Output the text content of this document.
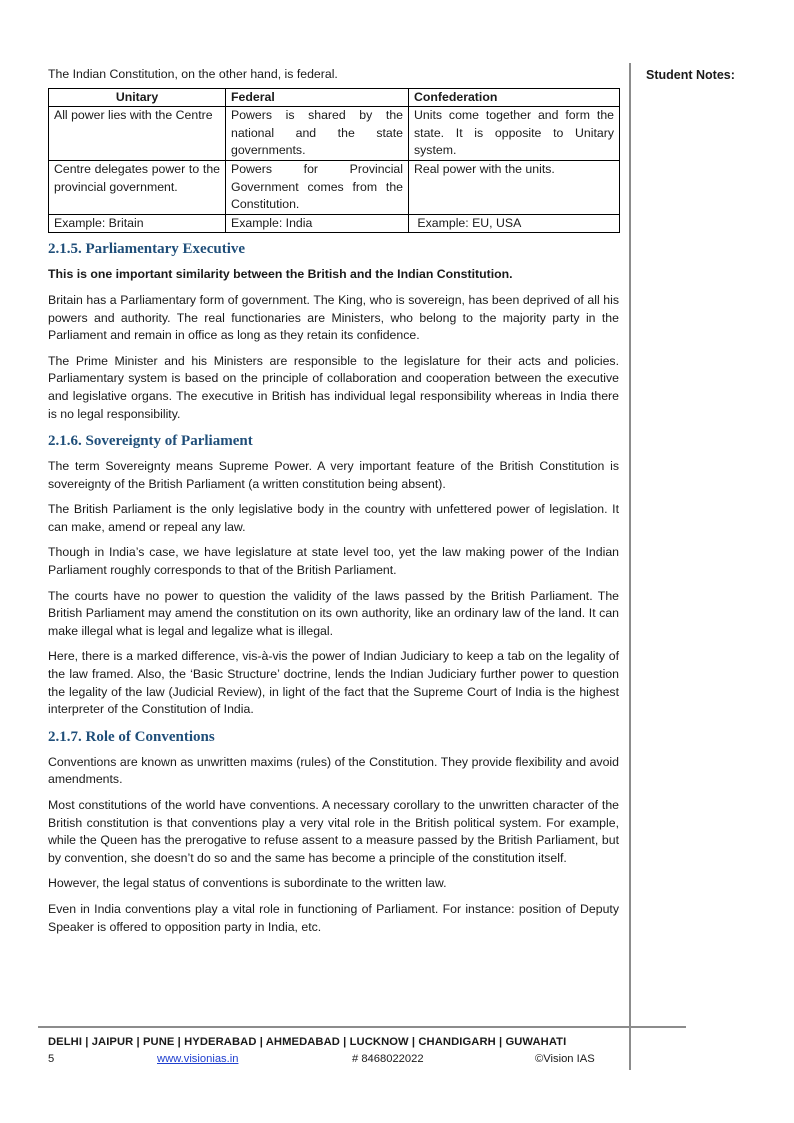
The Indian Constitution, on the other hand, is federal.

Unitary	Federal	Confederation
All power lies with the Centre	Powers is shared by the national and the state governments.	Units come together and form the state. It is opposite to Unitary system.
Centre delegates power to the provincial government.	Powers for Provincial Government comes from the Constitution.	Real power with the units.
Example: Britain	Example: India	Example: EU, USA
2.1.5. Parliamentary Executive

This is one important similarity between the British and the Indian Constitution.

Britain has a Parliamentary form of government. The King, who is sovereign, has been deprived of all his powers and authority. The real functionaries are Ministers, who belong to the majority party in the Parliament and remain in office as long as they retain its confidence.

The Prime Minister and his Ministers are responsible to the legislature for their acts and policies. Parliamentary system is based on the principle of collaboration and cooperation between the executive and legislative organs. The executive in British has individual legal responsibility whereas in India there is no legal responsibility.

2.1.6. Sovereignty of Parliament

The term Sovereignty means Supreme Power. A very important feature of the British Constitution is sovereignty of the British Parliament (a written constitution being absent).

The British Parliament is the only legislative body in the country with unfettered power of legislation. It can make, amend or repeal any law.

Though in India’s case, we have legislature at state level too, yet the law making power of the Indian Parliament roughly corresponds to that of the British Parliament.

The courts have no power to question the validity of the laws passed by the British Parliament. The British Parliament may amend the constitution on its own authority, like an ordinary law of the land. It can make illegal what is legal and legalize what is illegal.

Here, there is a marked difference, vis-à-vis the power of Indian Judiciary to keep a tab on the legality of the law framed. Also, the ‘Basic Structure’ doctrine, lends the Indian Judiciary further power to question the legality of the law (Judicial Review), in light of the fact that the Supreme Court of India is the highest interpreter of the Constitution of India.

2.1.7. Role of Conventions

Conventions are known as unwritten maxims (rules) of the Constitution. They provide flexibility and avoid amendments.

Most constitutions of the world have conventions. A necessary corollary to the unwritten character of the British constitution is that conventions play a very vital role in the British political system. For example, while the Queen has the prerogative to refuse assent to a measure passed by the British Parliament, but by convention, she doesn’t do so and the same has become a principle of the constitution itself.

However, the legal status of conventions is subordinate to the written law.

Even in India conventions play a vital role in functioning of Parliament. For instance: position of Deputy Speaker is offered to opposition party in India, etc.

Student Notes:
DELHI | JAIPUR | PUNE | HYDERABAD | AHMEDABAD | LUCKNOW | CHANDIGARH | GUWAHATI
5	www.visionias.in	# 8468022022	©Vision IAS
